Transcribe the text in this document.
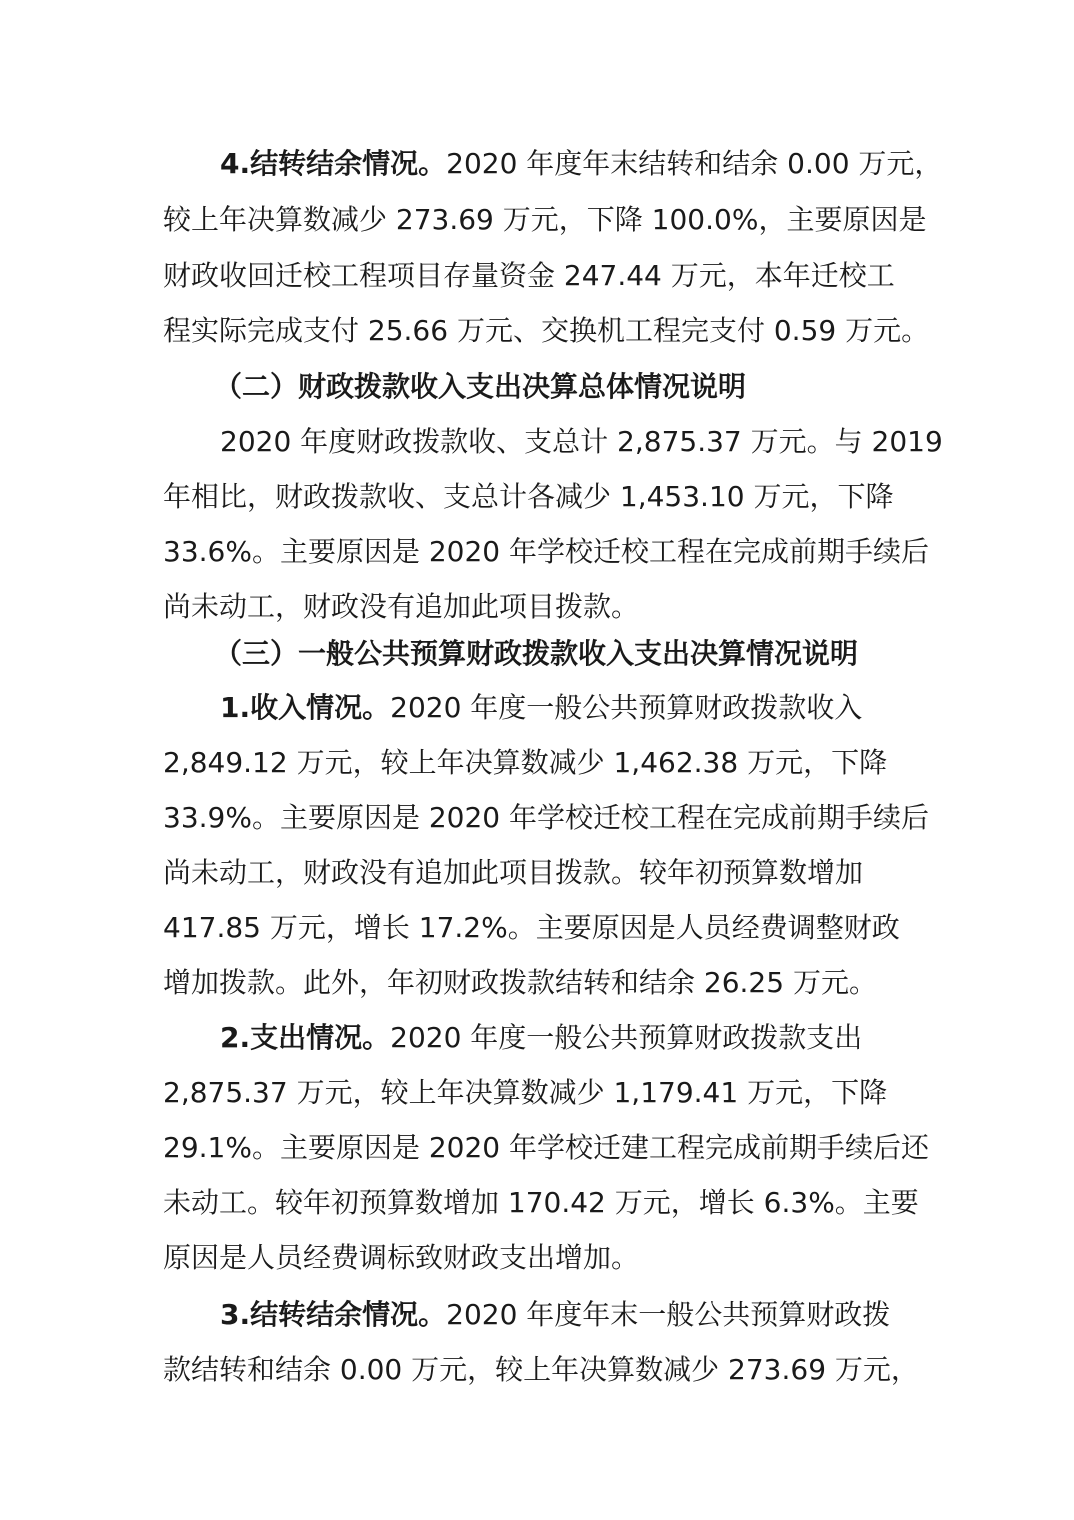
4.结转结余情况。2020 年度年末结转和结余 0.00 万元，
较上年决算数减少 273.69 万元，下降 100.0%，主要原因是
财政收回迁校工程项目存量资金 247.44 万元，本年迁校工
程实际完成支付 25.66 万元、交换机工程完支付 0.59 万元。
（二）财政拨款收入支出决算总体情况说明
2020 年度财政拨款收、支总计 2,875.37 万元。与 2019
年相比，财政拨款收、支总计各减少 1,453.10 万元，下降
33.6%。主要原因是 2020 年学校迁校工程在完成前期手续后
尚未动工，财政没有追加此项目拨款。
（三）一般公共预算财政拨款收入支出决算情况说明
1.收入情况。2020 年度一般公共预算财政拨款收入
2,849.12 万元，较上年决算数减少 1,462.38 万元，下降
33.9%。主要原因是 2020 年学校迁校工程在完成前期手续后
尚未动工，财政没有追加此项目拨款。较年初预算数增加
417.85 万元，增长 17.2%。主要原因是人员经费调整财政
增加拨款。此外，年初财政拨款结转和结余 26.25 万元。
2.支出情况。2020 年度一般公共预算财政拨款支出
2,875.37 万元，较上年决算数减少 1,179.41 万元，下降
29.1%。主要原因是 2020 年学校迁建工程完成前期手续后还
未动工。较年初预算数增加 170.42 万元，增长 6.3%。主要
原因是人员经费调标致财政支出增加。
3.结转结余情况。2020 年度年末一般公共预算财政拨
款结转和结余 0.00 万元，较上年决算数减少 273.69 万元，
